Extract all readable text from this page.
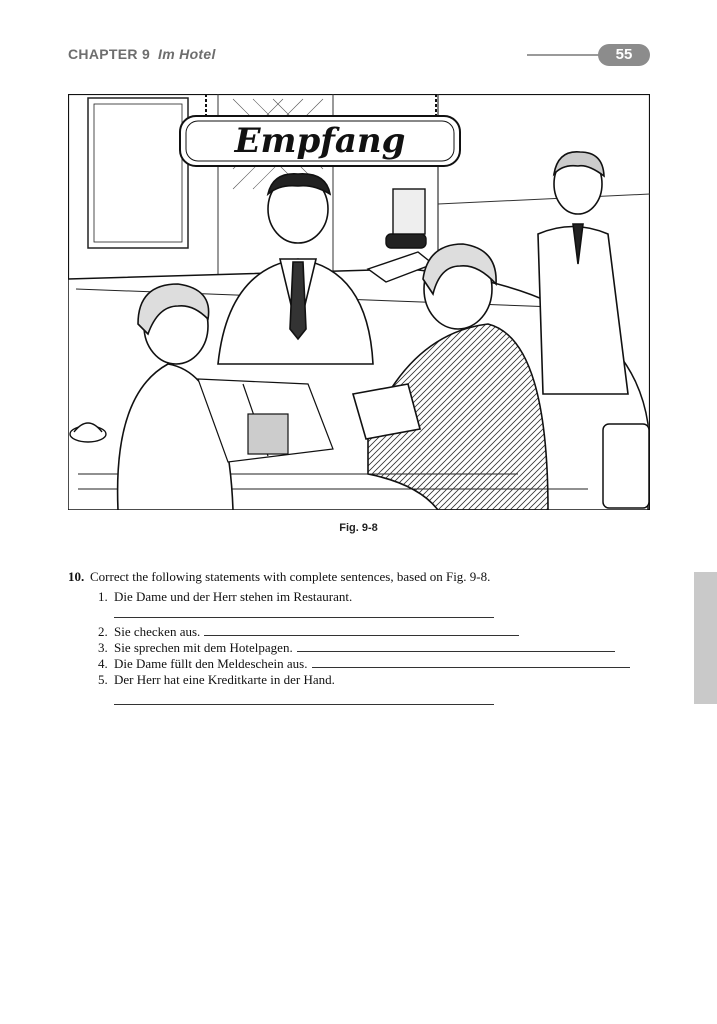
CHAPTER 9 Im Hotel	55
Empfang
Fig. 9-8
10. Correct the following statements with complete sentences, based on Fig. 9-8.
1. Die Dame und der Herr stehen im Restaurant.
2. Sie checken aus.
3. Sie sprechen mit dem Hotelpagen.
4. Die Dame füllt den Meldeschein aus.
5. Der Herr hat eine Kreditkarte in der Hand.
